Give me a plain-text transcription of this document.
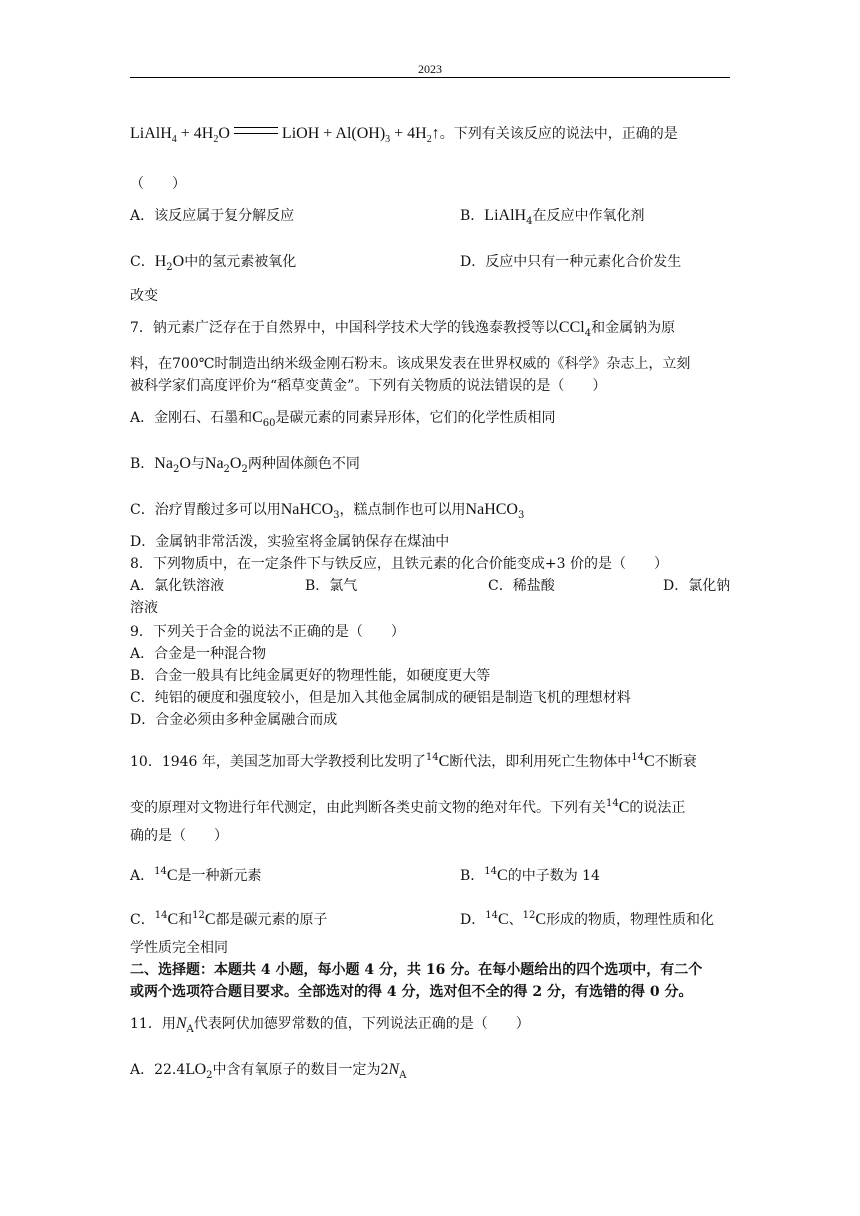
2023
LiAlH$_4$ + $4H_2O$	LiOH + $Al(OH)_3$ + $4H_2↑$。下列有关该反应的说法中，正确的是
（　　）
A．该反应属于复分解反应	B．LiAlH$_4$在反应中作氧化剂
C．$H_2O$中的氢元素被氧化	D．反应中只有一种元素化合价发生
改变
7．钠元素广泛存在于自然界中，中国科学技术大学的钱逸泰教授等以CCl$_4$和金属钠为原
料，在700℃时制造出纳米级金刚石粉末。该成果发表在世界权威的《科学》杂志上，立刻
被科学家们高度评价为“稻草变黄金”。下列有关物质的说法错误的是（　　）
A．金刚石、石墨和$C_{60}$是碳元素的同素异形体，它们的化学性质相同
B．$Na_2O$与$Na_2O_2$两种固体颜色不同
C．治疗胃酸过多可以用NaHCO$_3$，糕点制作也可以用NaHCO$_3$
D．金属钠非常活泼，实验室将金属钠保存在煤油中
8．下列物质中，在一定条件下与铁反应，且铁元素的化合价能变成+3 价的是（　　）
A．氯化铁溶液	B．氯气	C．稀盐酸	D．氯化钠
溶液
9．下列关于合金的说法不正确的是（　　）
A．合金是一种混合物
B．合金一般具有比纯金属更好的物理性能，如硬度更大等
C．纯铝的硬度和强度较小，但是加入其他金属制成的硬铝是制造飞机的理想材料
D．合金必须由多种金属融合而成
10．1946 年，美国芝加哥大学教授利比发明了$^{14}$C断代法，即利用死亡生物体中$^{14}$C不断衰
变的原理对文物进行年代测定，由此判断各类史前文物的绝对年代。下列有关$^{14}$C的说法正
确的是（　　）
A．$^{14}$C是一种新元素	B．$^{14}$C的中子数为 14
C．$^{14}$C和$^{12}$C都是碳元素的原子	D．$^{14}$C、$^{12}$C形成的物质，物理性质和化
学性质完全相同
二、选择题：本题共 4 小题，每小题 4 分，共 16 分。在每小题给出的四个选项中，有二个
或两个选项符合题目要求。全部选对的得 4 分，选对但不全的得 2 分，有选错的得 0 分。
11．用$N_A$代表阿伏加德罗常数的值，下列说法正确的是（　　）
A．$22.4LO_2$中含有氧原子的数目一定为$2N_A$
